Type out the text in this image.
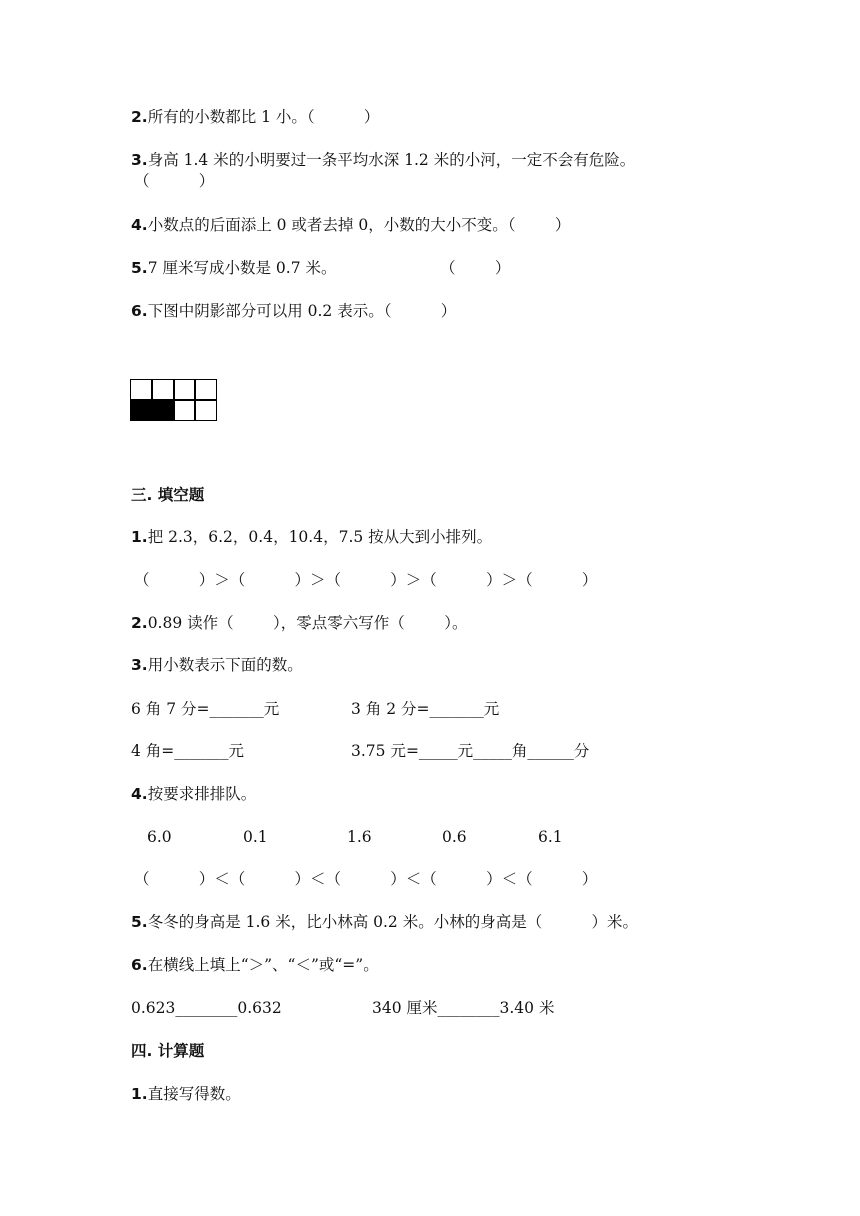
2.所有的小数都比 1 小。（          ）
3.身高 1.4 米的小明要过一条平均水深 1.2 米的小河，一定不会有危险。
（          ）
4.小数点的后面添上 0 或者去掉 0，小数的大小不变。（        ）
5.7 厘米写成小数是 0.7 米。	（        ）
6.下图中阴影部分可以用 0.2 表示。（          ）
三. 填空题
1.把 2.3，6.2，0.4，10.4，7.5 按从大到小排列。
（          ）＞（          ）＞（          ）＞（          ）＞（          ）
2.0.89 读作（        ），零点零六写作（        ）。
3.用小数表示下面的数。
6 角 7 分=_______元	3 角 2 分=_______元
4 角=_______元	3.75 元=_____元_____角______分
4.按要求排排队。
6.0	0.1	1.6	0.6	6.1
（          ）＜（          ）＜（          ）＜（          ）＜（          ）
5.冬冬的身高是 1.6 米，比小林高 0.2 米。小林的身高是（          ）米。
6.在横线上填上“＞”、“＜”或“=”。
0.623________0.632	340 厘米________3.40 米
四. 计算题
1.直接写得数。
